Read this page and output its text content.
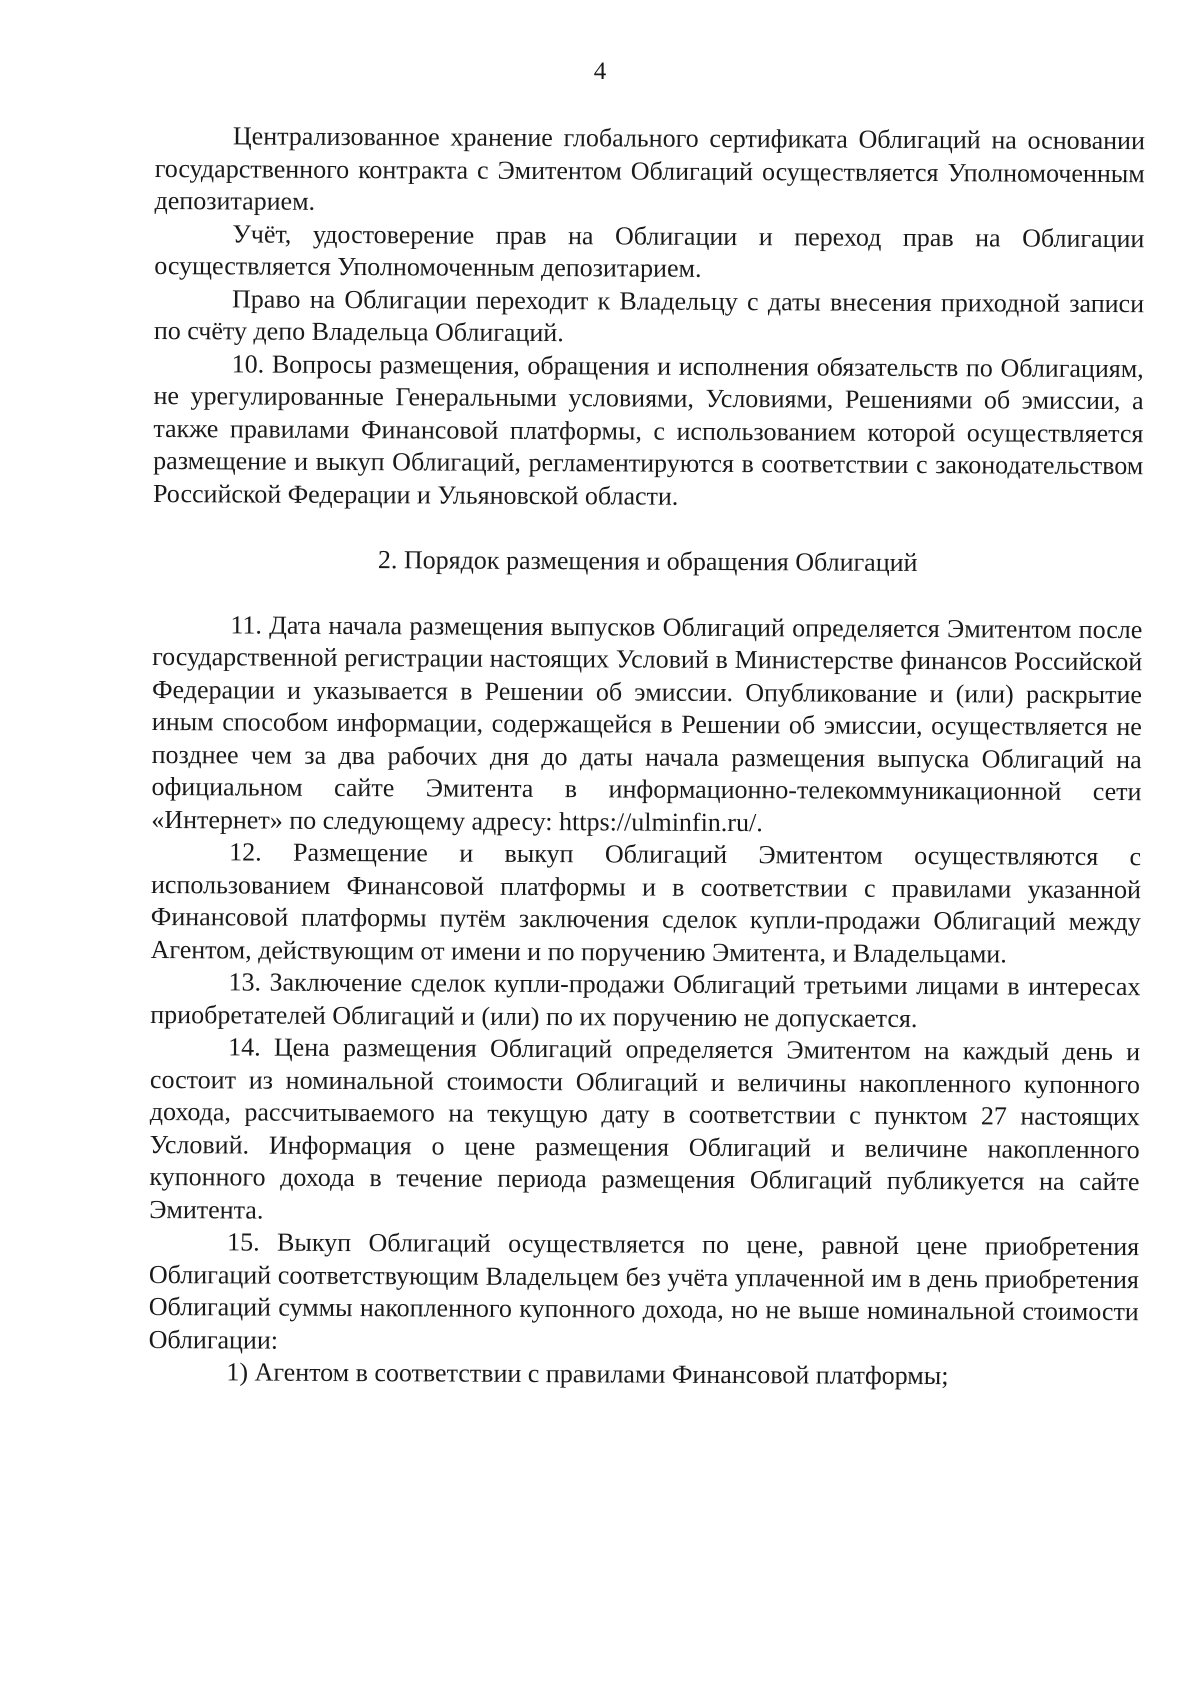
4

Централизованное хранение глобального сертификата Облигаций на основании государственного контракта с Эмитентом Облигаций осуществляется Уполномоченным депозитарием.

Учёт, удостоверение прав на Облигации и переход прав на Облигации осуществляется Уполномоченным депозитарием.

Право на Облигации переходит к Владельцу с даты внесения приходной записи по счёту депо Владельца Облигаций.

10. Вопросы размещения, обращения и исполнения обязательств по Облигациям, не урегулированные Генеральными условиями, Условиями, Решениями об эмиссии, а также правилами Финансовой платформы, с использованием которой осуществляется размещение и выкуп Облигаций, регламентируются в соответствии с законодательством Российской Федерации и Ульяновской области.

2. Порядок размещения и обращения Облигаций

11. Дата начала размещения выпусков Облигаций определяется Эмитентом после государственной регистрации настоящих Условий в Министерстве финансов Российской Федерации и указывается в Решении об эмиссии. Опубликование и (или) раскрытие иным способом информации, содержащейся в Решении об эмиссии, осуществляется не позднее чем за два рабочих дня до даты начала размещения выпуска Облигаций на официальном сайте Эмитента в информационно-телекоммуникационной сети «Интернет» по следующему адресу: https://ulminfin.ru/.

12. Размещение и выкуп Облигаций Эмитентом осуществляются с использованием Финансовой платформы и в соответствии с правилами указанной Финансовой платформы путём заключения сделок купли-продажи Облигаций между Агентом, действующим от имени и по поручению Эмитента, и Владельцами.

13. Заключение сделок купли-продажи Облигаций третьими лицами в интересах приобретателей Облигаций и (или) по их поручению не допускается.

14. Цена размещения Облигаций определяется Эмитентом на каждый день и состоит из номинальной стоимости Облигаций и величины накопленного купонного дохода, рассчитываемого на текущую дату в соответствии с пунктом 27 настоящих Условий. Информация о цене размещения Облигаций и величине накопленного купонного дохода в течение периода размещения Облигаций публикуется на сайте Эмитента.

15. Выкуп Облигаций осуществляется по цене, равной цене приобретения Облигаций соответствующим Владельцем без учёта уплаченной им в день приобретения Облигаций суммы накопленного купонного дохода, но не выше номинальной стоимости Облигации:

1) Агентом в соответствии с правилами Финансовой платформы;
